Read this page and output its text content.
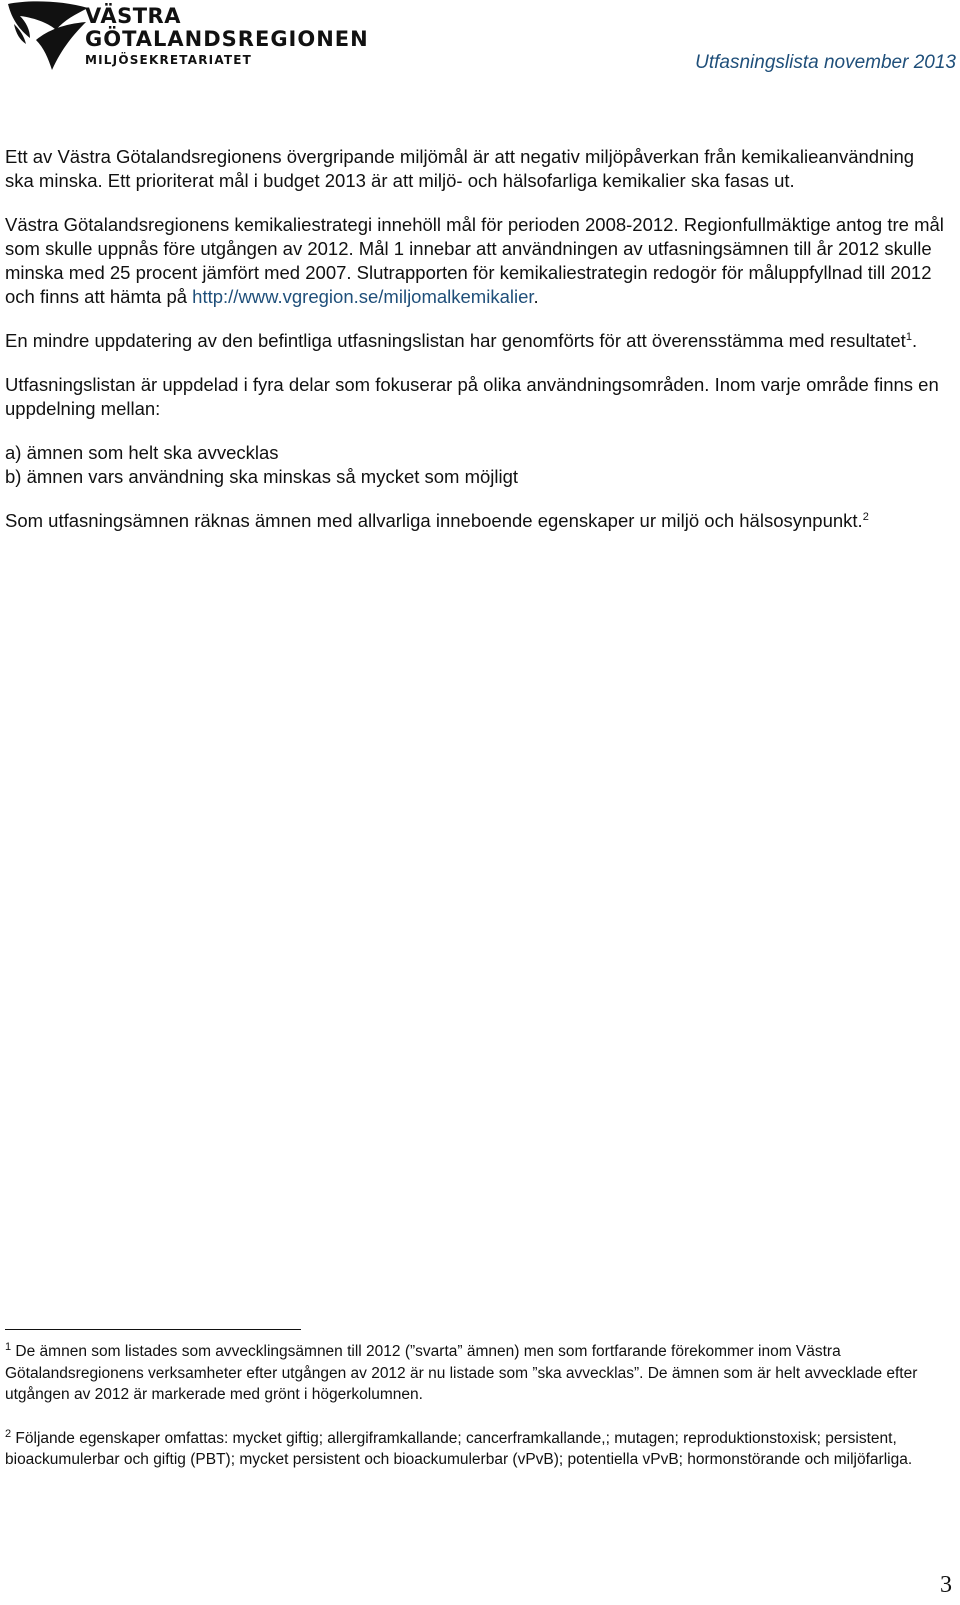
VÄSTRA
GÖTALANDSREGIONEN
MILJÖSEKRETARIATET	Utfasningslista november 2013

Ett av Västra Götalandsregionens övergripande miljömål är att negativ miljöpåverkan från kemikalieanvändning ska minska. Ett prioriterat mål i budget 2013 är att miljö- och hälsofarliga kemikalier ska fasas ut.

Västra Götalandsregionens kemikaliestrategi innehöll mål för perioden 2008-2012. Regionfullmäktige antog tre mål som skulle uppnås före utgången av 2012. Mål 1 innebar att användningen av utfasningsämnen till år 2012 skulle minska med 25 procent jämfört med 2007. Slutrapporten för kemikaliestrategin redogör för måluppfyllnad till 2012 och finns att hämta på http://www.vgregion.se/miljomalkemikalier.

En mindre uppdatering av den befintliga utfasningslistan har genomförts för att överensstämma med resultatet$^1$.

Utfasningslistan är uppdelad i fyra delar som fokuserar på olika användningsområden. Inom varje område finns en uppdelning mellan:

a) ämnen som helt ska avvecklas

b) ämnen vars användning ska minskas så mycket som möjligt

Som utfasningsämnen räknas ämnen med allvarliga inneboende egenskaper ur miljö och hälsosynpunkt.$^2$

$^1$ De ämnen som listades som avvecklingsämnen till 2012 (”svarta” ämnen) men som fortfarande förekommer inom Västra Götalandsregionens verksamheter efter utgången av 2012 är nu listade som ”ska avvecklas”. De ämnen som är helt avvecklade efter utgången av 2012 är markerade med grönt i högerkolumnen.

$^2$ Följande egenskaper omfattas: mycket giftig; allergiframkallande; cancerframkallande,; mutagen; reproduktionstoxisk; persistent, bioackumulerbar och giftig (PBT); mycket persistent och bioackumulerbar (vPvB); potentiella vPvB; hormonstörande och miljöfarliga.

3
